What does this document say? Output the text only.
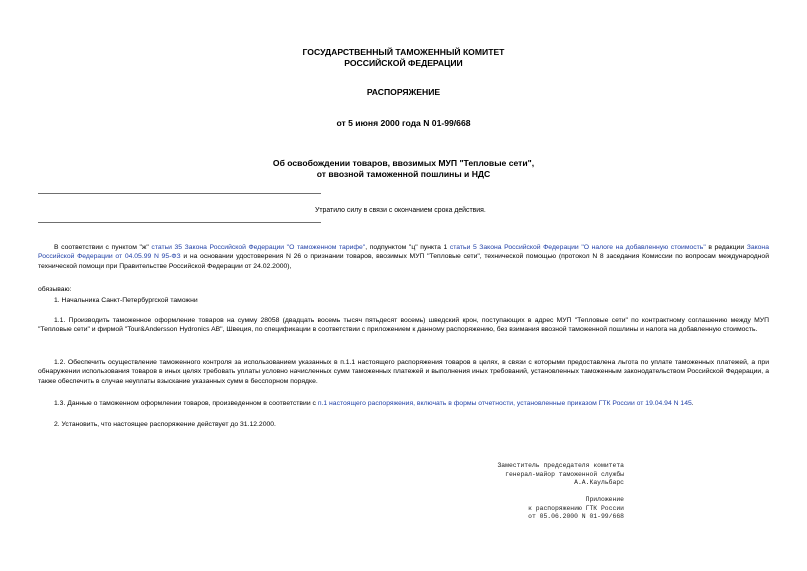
ГОСУДАРСТВЕННЫЙ ТАМОЖЕННЫЙ КОМИТЕТ
РОССИЙСКОЙ ФЕДЕРАЦИИ
РАСПОРЯЖЕНИЕ
от 5 июня 2000 года N 01-99/668
Об освобождении товаров, ввозимых МУП "Тепловые сети",
от ввозной таможенной пошлины и НДС
Утратило силу в связи с окончанием срока действия.
В соответствии с пунктом "ж" статьи 35 Закона Российской Федерации "О таможенном тарифе", подпунктом "ц" пункта 1 статьи 5 Закона Российской Федерации "О налоге на добавленную стоимость" в редакции Закона Российской Федерации от 04.05.99 N 95-ФЗ и на основании удостоверения N 26 о признании товаров, ввозимых МУП "Тепловые сети", технической помощью (протокол N 8 заседания Комиссии по вопросам международной технической помощи при Правительстве Российской Федерации от 24.02.2000),
обязываю:
1. Начальника Санкт-Петербургской таможни
1.1. Производить таможенное оформление товаров на сумму 28058 (двадцать восемь тысяч пятьдесят восемь) шведский крон, поступающих в адрес МУП "Тепловые сети" по контрактному соглашению между МУП "Тепловые сети" и фирмой "Tour&Andersson Hydronics AB", Швеция, по спецификации в соответствии с приложением к данному распоряжению, без взимания ввозной таможенной пошлины и налога на добавленную стоимость.
1.2. Обеспечить осуществление таможенного контроля за использованием указанных в п.1.1 настоящего распоряжения товаров в целях, в связи с которыми предоставлена льгота по уплате таможенных платежей, а при обнаружении использования товаров в иных целях требовать уплаты условно начисленных сумм таможенных платежей и выполнения иных требований, установленных таможенным законодательством Российской Федерации, а также обеспечить в случае неуплаты взыскание указанных сумм в бесспорном порядке.
1.3. Данные о таможенном оформлении товаров, произведенном в соответствии с п.1 настоящего распоряжения, включать в формы отчетности, установленные приказом ГТК России от 19.04.94 N 145.
2. Установить, что настоящее распоряжение действует до 31.12.2000.
Заместитель председателя комитета
генерал-майор таможенной службы
А.А.Каульбарс
Приложение
к распоряжению ГТК России
от 05.06.2000 N 01-99/668
